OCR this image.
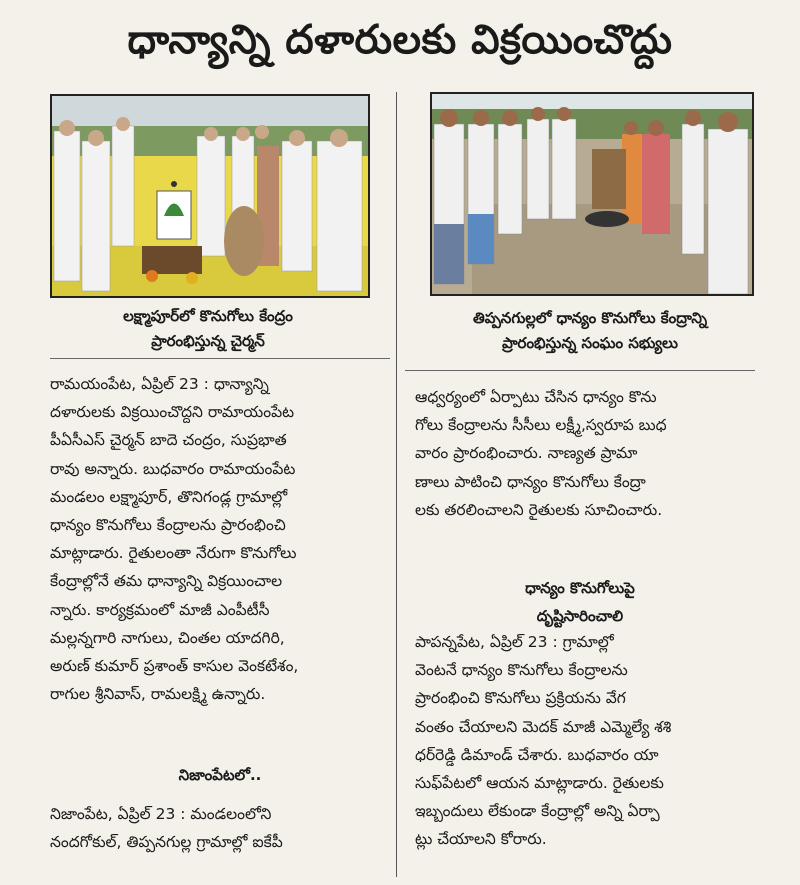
ధాన్యాన్ని దళారులకు విక్రయించొద్దు
లక్ష్మాపూర్‌లో కొనుగోలు కేంద్రం
ప్రారంభిస్తున్న చైర్మన్
తిప్పనగుల్లలో ధాన్యం కొనుగోలు కేంద్రాన్ని
ప్రారంభిస్తున్న సంఘం సభ్యులు
రామయంపేట, ఏప్రిల్ 23 : ధాన్యాన్ని
దళారులకు విక్రయించొద్దని రామాయంపేట
పీఏసీఎస్ చైర్మన్ బాదె చంద్రం, సుప్రభాత
రావు అన్నారు. బుధవారం రామాయంపేట
మండలం లక్ష్మాపూర్, తొనిగండ్ల గ్రామాల్లో
ధాన్యం కొనుగోలు కేంద్రాలను ప్రారంభించి
మాట్లాడారు. రైతులంతా నేరుగా కొనుగోలు
కేంద్రాల్లోనే తమ ధాన్యాన్ని విక్రయించాల
న్నారు. కార్యక్రమంలో మాజీ ఎంపీటీసీ
మల్లన్నగారి నాగులు, చింతల యాదగిరి,
అరుణ్ కుమార్ ప్రశాంత్ కాసుల వెంకటేశం,
రాగుల శ్రీనివాస్, రామలక్ష్మి ఉన్నారు.
నిజాంపేటలో..
నిజాంపేట, ఏప్రిల్ 23 : మండలంలోని
నందగోకుల్, తిప్పనగుల్ల గ్రామాల్లో ఐకేపీ
ఆధ్వర్యంలో ఏర్పాటు చేసిన ధాన్యం కొను
గోలు కేంద్రాలను సీసీలు లక్ష్మీ,స్వరూప బుధ
వారం ప్రారంభించారు. నాణ్యత ప్రామా
ణాలు పాటించి ధాన్యం కొనుగోలు కేంద్రా
లకు తరలించాలని రైతులకు సూచించారు.
ధాన్యం కొనుగోలుపై
దృష్టిసారించాలి
పాపన్నపేట, ఏప్రిల్ 23 : గ్రామాల్లో
వెంటనే ధాన్యం కొనుగోలు కేంద్రాలను
ప్రారంభించి కొనుగోలు ప్రక్రియను వేగ
వంతం చేయాలని మెదక్ మాజీ ఎమ్మెల్యే శశి
ధర్‌రెడ్డి డిమాండ్ చేశారు. బుధవారం యా
సుఫ్‌పేటలో ఆయన మాట్లాడారు. రైతులకు
ఇబ్బందులు లేకుండా కేంద్రాల్లో అన్ని ఏర్పా
ట్లు చేయాలని కోరారు.
